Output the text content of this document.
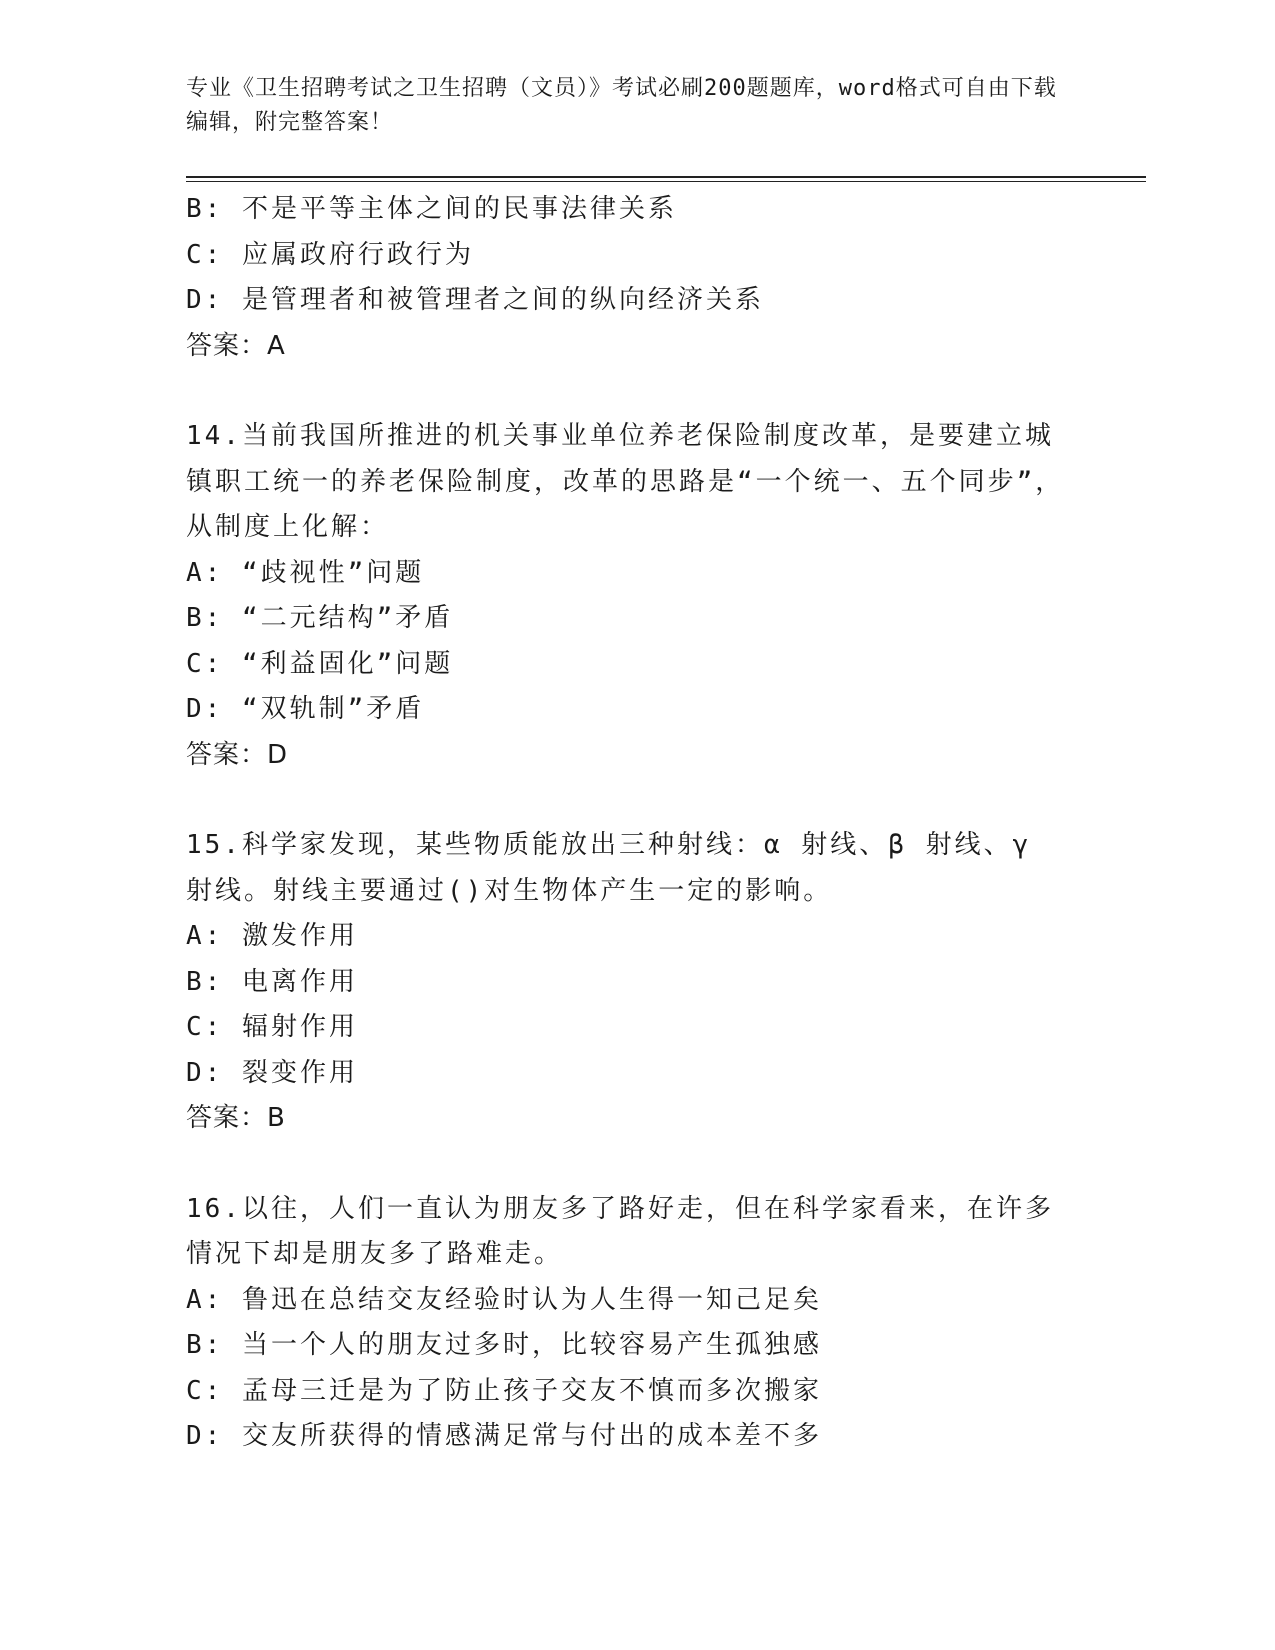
专业《卫生招聘考试之卫生招聘（文员）》考试必刷200题题库，word格式可自由下载编辑，附完整答案！
B: 不是平等主体之间的民事法律关系
C: 应属政府行政行为
D: 是管理者和被管理者之间的纵向经济关系
答案：A
14.当前我国所推进的机关事业单位养老保险制度改革，是要建立城镇职工统一的养老保险制度，改革的思路是“一个统一、五个同步”，从制度上化解：
A: “歧视性”问题
B: “二元结构”矛盾
C: “利益固化”问题
D: “双轨制”矛盾
答案：D
15.科学家发现，某些物质能放出三种射线：α 射线、β 射线、γ 射线。射线主要通过()对生物体产生一定的影响。
A: 激发作用
B: 电离作用
C: 辐射作用
D: 裂变作用
答案：B
16.以往，人们一直认为朋友多了路好走，但在科学家看来，在许多情况下却是朋友多了路难走。
A: 鲁迅在总结交友经验时认为人生得一知己足矣
B: 当一个人的朋友过多时，比较容易产生孤独感
C: 孟母三迁是为了防止孩子交友不慎而多次搬家
D: 交友所获得的情感满足常与付出的成本差不多
